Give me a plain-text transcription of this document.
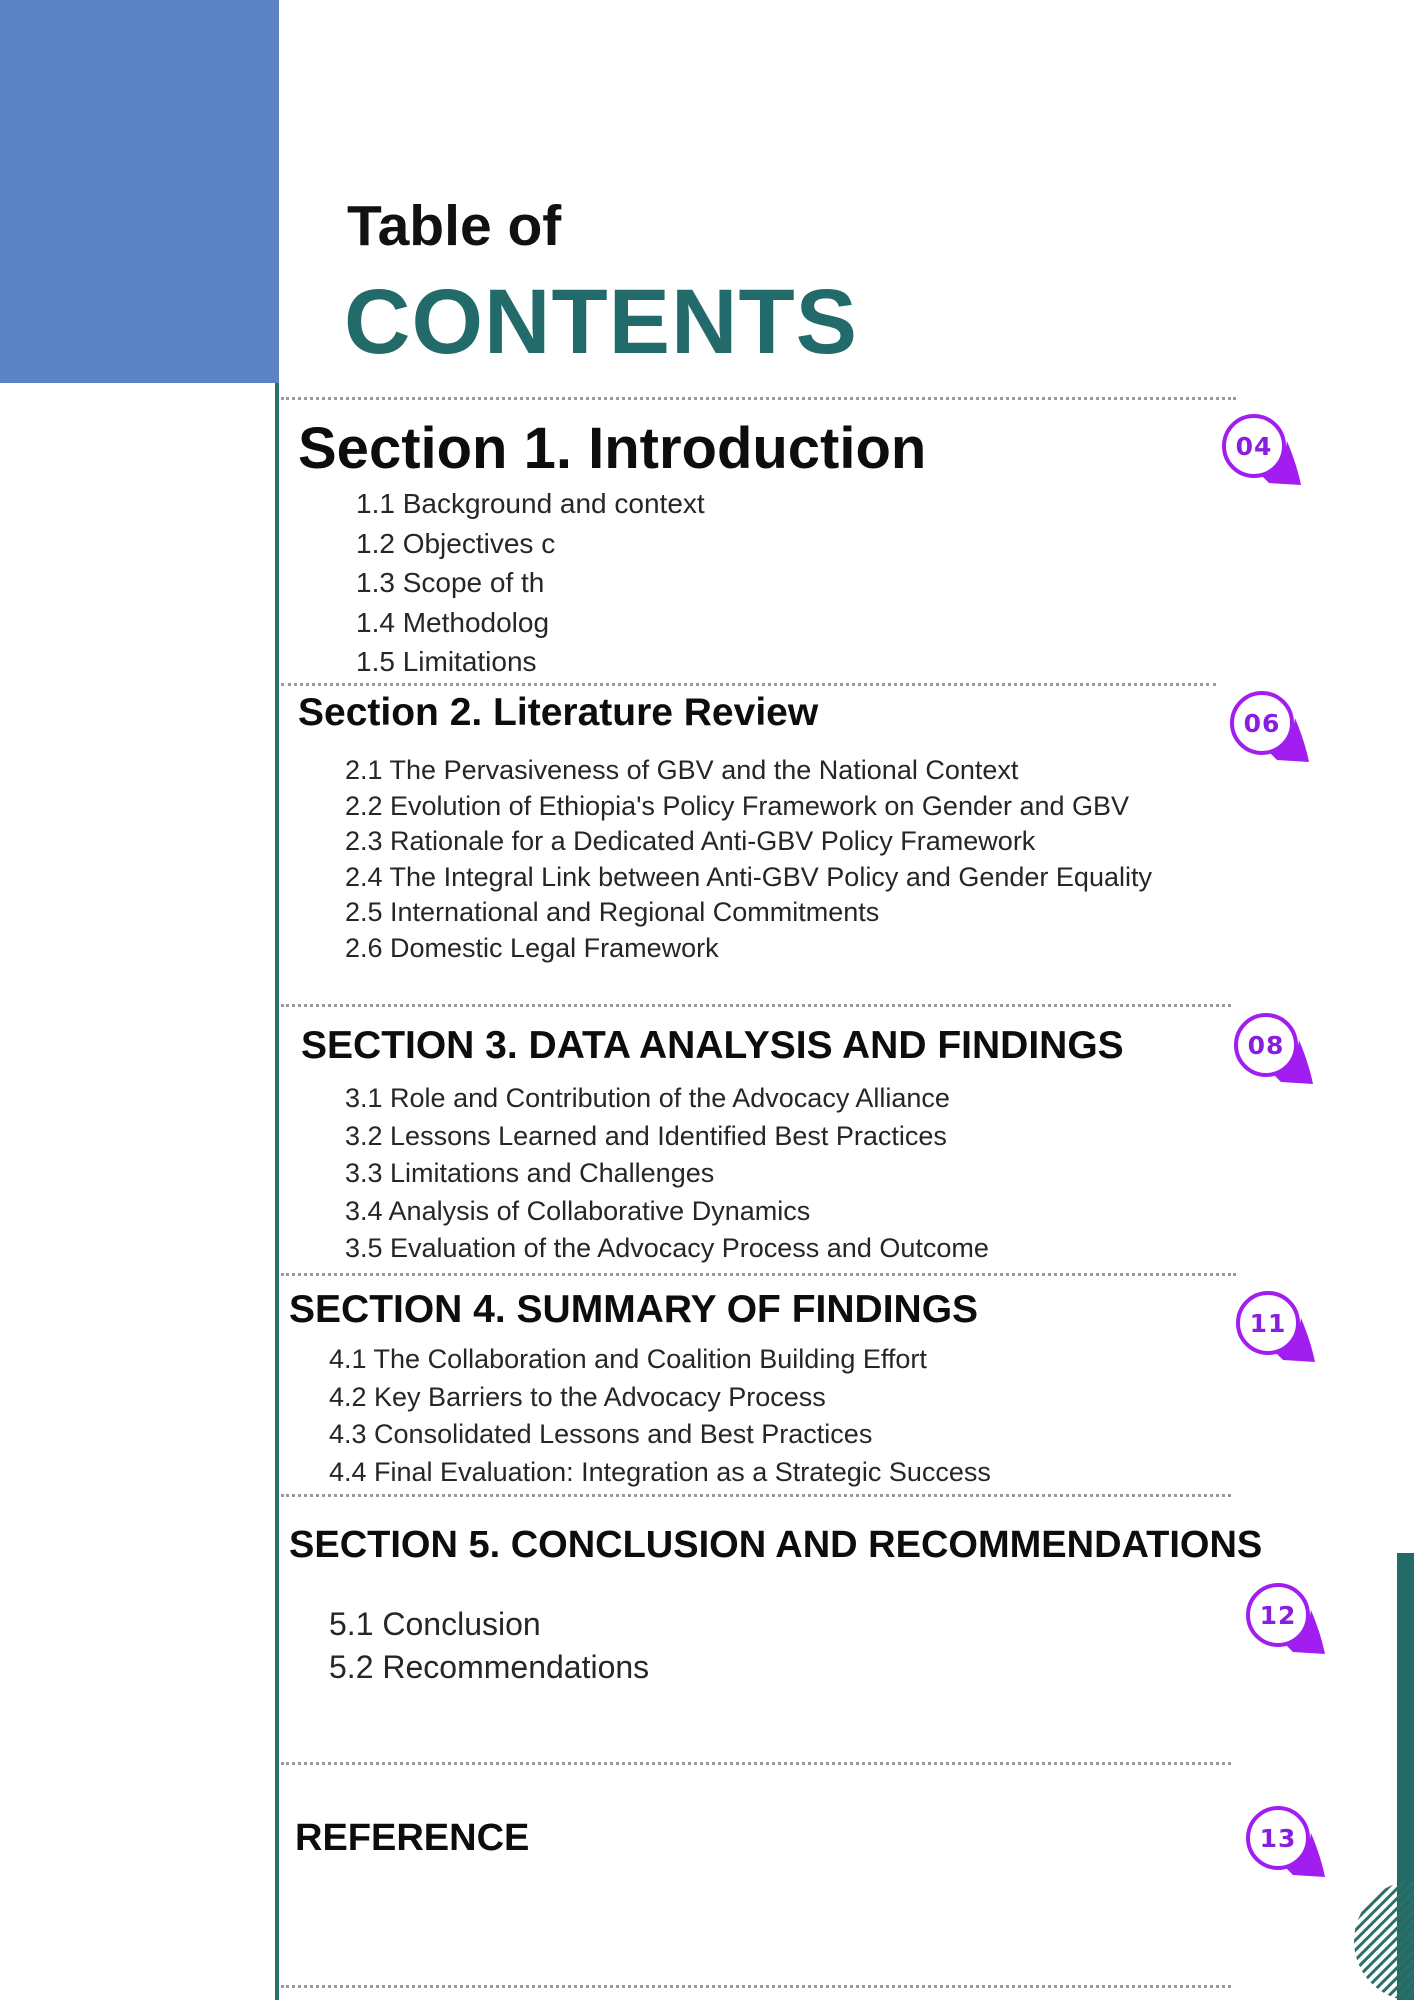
Table of
CONTENTS
Section 1. Introduction
1.1 Background and context
1.2 Objectives c
1.3 Scope of th
1.4 Methodolog
1.5 Limitations
04
Section 2. Literature Review
2.1 The Pervasiveness of GBV and the National Context
2.2 Evolution of Ethiopia's Policy Framework on Gender and GBV
2.3 Rationale for a Dedicated Anti-GBV Policy Framework
2.4 The Integral Link between Anti-GBV Policy and Gender Equality
2.5 International and Regional Commitments
2.6 Domestic Legal Framework
06
SECTION 3. DATA ANALYSIS AND FINDINGS
3.1 Role and Contribution of the Advocacy Alliance
3.2 Lessons Learned and Identified Best Practices
3.3 Limitations and Challenges
3.4 Analysis of Collaborative Dynamics
3.5 Evaluation of the Advocacy Process and Outcome
08
SECTION 4. SUMMARY OF FINDINGS
4.1 The Collaboration and Coalition Building Effort
4.2 Key Barriers to the Advocacy Process
4.3 Consolidated Lessons and Best Practices
4.4 Final Evaluation: Integration as a Strategic Success
11
SECTION 5. CONCLUSION AND RECOMMENDATIONS
5.1 Conclusion
5.2 Recommendations
12
REFERENCE	13
